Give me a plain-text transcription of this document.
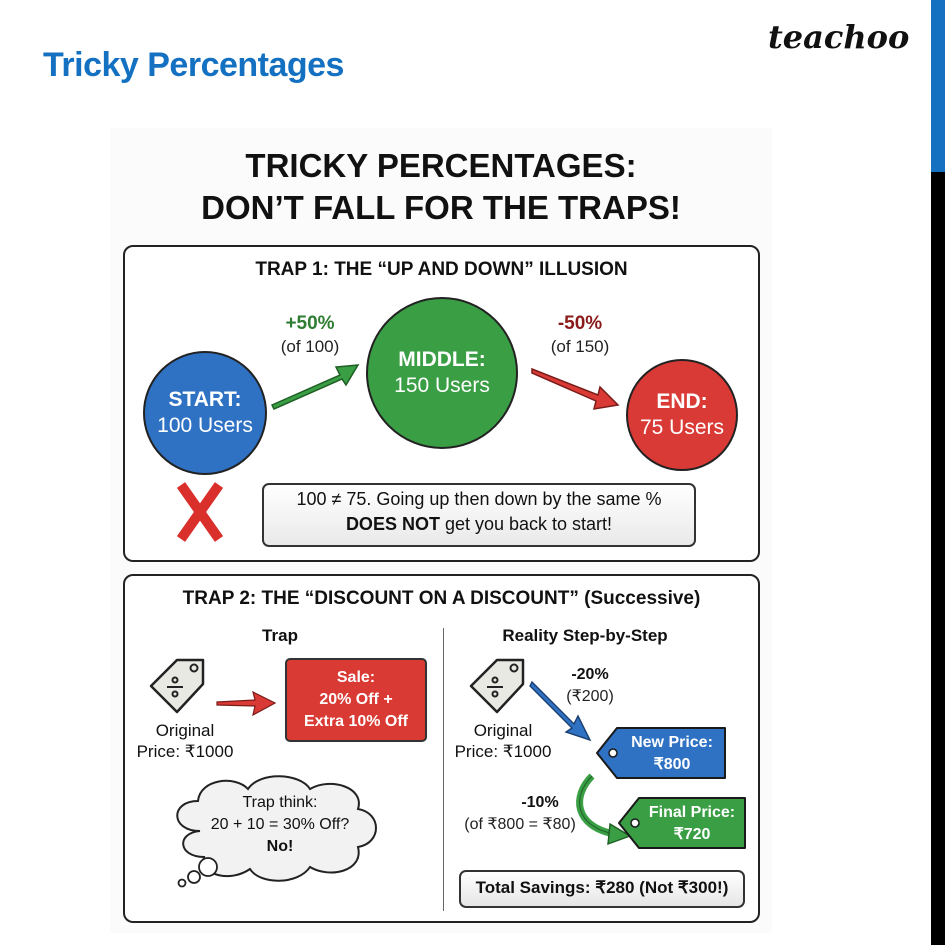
Tricky Percentages
teachoo
TRICKY PERCENTAGES:
DON’T FALL FOR THE TRAPS!
TRAP 1: THE “UP AND DOWN” ILLUSION
START:
100 Users
+50%
(of 100)
MIDDLE:
150 Users
-50%
(of 150)
END:
75 Users
100 ≠ 75. Going up then down by the same %
DOES NOT get you back to start!
TRAP 2: THE “DISCOUNT ON A DISCOUNT” (Successive)
Trap
Original
Price: ₹1000
Sale:
20% Off +
Extra 10% Off
Trap think:
20 + 10 = 30% Off?
No!
Reality Step-by-Step
Original
Price: ₹1000
-20%
(₹200)
New Price:
₹800
-10%
(of ₹800 = ₹80)
Final Price:
₹720
Total Savings: ₹280 (Not ₹300!)
